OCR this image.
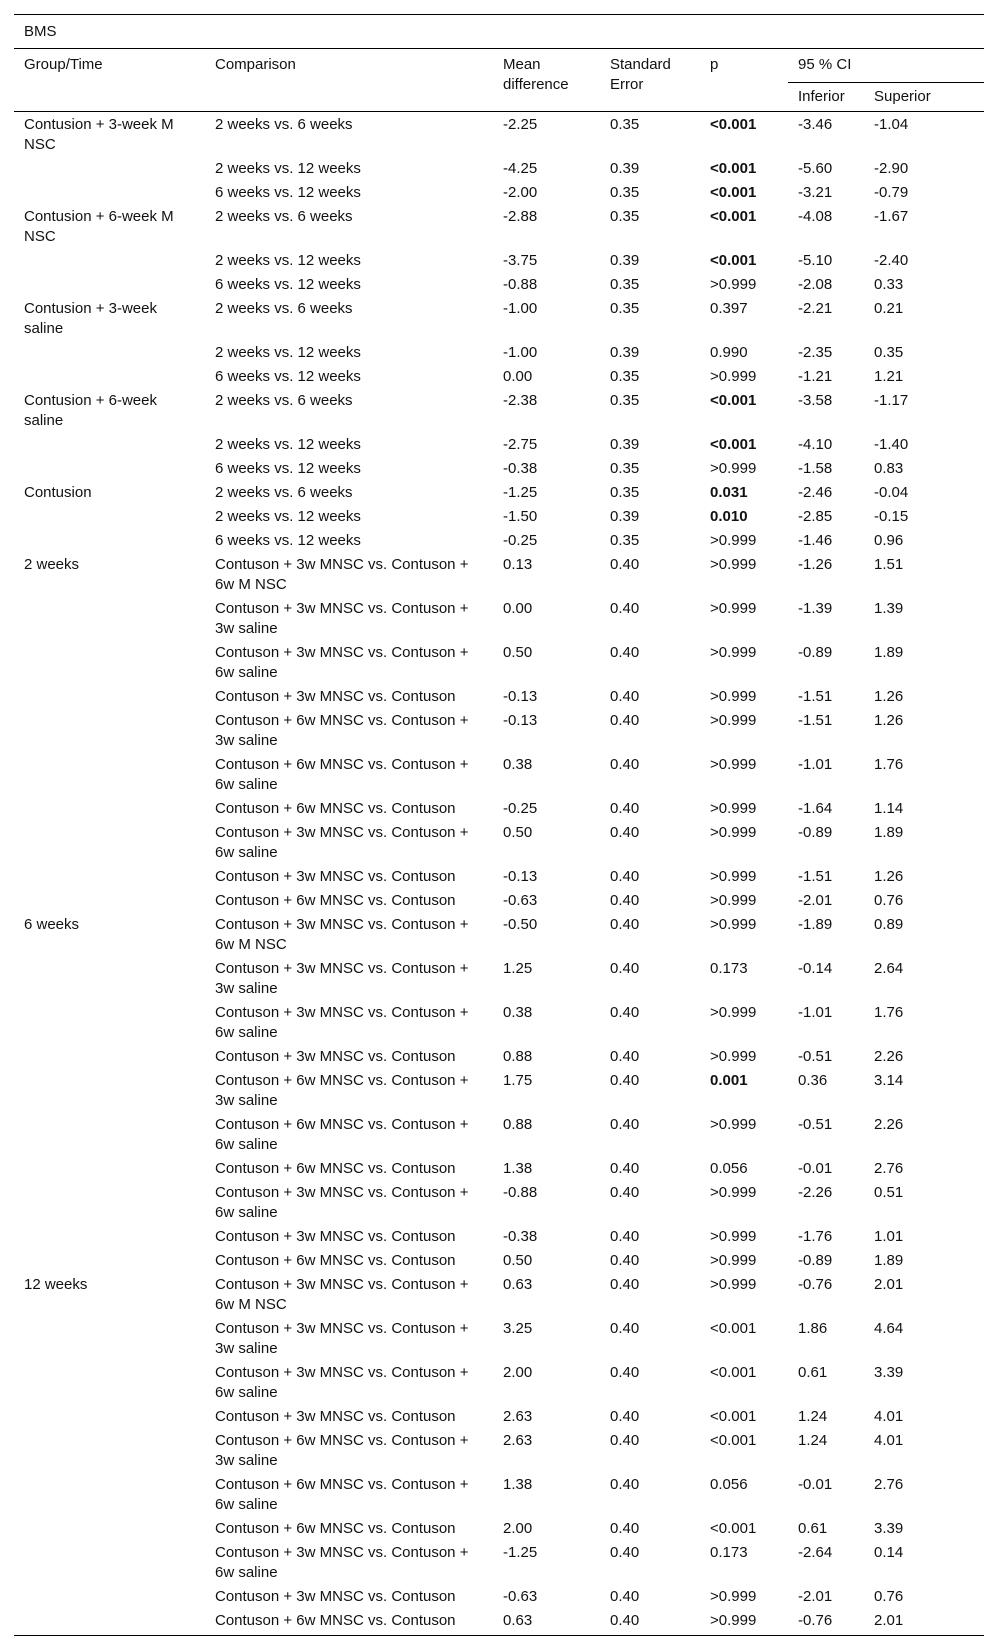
BMS						
Group/Time	Comparison	Mean difference	Standard Error	p	95 % CI	
					Inferior	Superior
Contusion + 3-week M NSC	2 weeks vs. 6 weeks	-2.25	0.35	<0.001	-3.46	-1.04
	2 weeks vs. 12 weeks	-4.25	0.39	<0.001	-5.60	-2.90
	6 weeks vs. 12 weeks	-2.00	0.35	<0.001	-3.21	-0.79
Contusion + 6-week M NSC	2 weeks vs. 6 weeks	-2.88	0.35	<0.001	-4.08	-1.67
	2 weeks vs. 12 weeks	-3.75	0.39	<0.001	-5.10	-2.40
	6 weeks vs. 12 weeks	-0.88	0.35	>0.999	-2.08	0.33
Contusion + 3-week saline	2 weeks vs. 6 weeks	-1.00	0.35	0.397	-2.21	0.21
	2 weeks vs. 12 weeks	-1.00	0.39	0.990	-2.35	0.35
	6 weeks vs. 12 weeks	0.00	0.35	>0.999	-1.21	1.21
Contusion + 6-week saline	2 weeks vs. 6 weeks	-2.38	0.35	<0.001	-3.58	-1.17
	2 weeks vs. 12 weeks	-2.75	0.39	<0.001	-4.10	-1.40
	6 weeks vs. 12 weeks	-0.38	0.35	>0.999	-1.58	0.83
Contusion	2 weeks vs. 6 weeks	-1.25	0.35	0.031	-2.46	-0.04
	2 weeks vs. 12 weeks	-1.50	0.39	0.010	-2.85	-0.15
	6 weeks vs. 12 weeks	-0.25	0.35	>0.999	-1.46	0.96
2 weeks	Contuson + 3w MNSC vs. Contuson + 6w M NSC	0.13	0.40	>0.999	-1.26	1.51
	Contuson + 3w MNSC vs. Contuson + 3w saline	0.00	0.40	>0.999	-1.39	1.39
	Contuson + 3w MNSC vs. Contuson + 6w saline	0.50	0.40	>0.999	-0.89	1.89
	Contuson + 3w MNSC vs. Contuson	-0.13	0.40	>0.999	-1.51	1.26
	Contuson + 6w MNSC vs. Contuson + 3w saline	-0.13	0.40	>0.999	-1.51	1.26
	Contuson + 6w MNSC vs. Contuson + 6w saline	0.38	0.40	>0.999	-1.01	1.76
	Contuson + 6w MNSC vs. Contuson	-0.25	0.40	>0.999	-1.64	1.14
	Contuson + 3w MNSC vs. Contuson + 6w saline	0.50	0.40	>0.999	-0.89	1.89
	Contuson + 3w MNSC vs. Contuson	-0.13	0.40	>0.999	-1.51	1.26
	Contuson + 6w MNSC vs. Contuson	-0.63	0.40	>0.999	-2.01	0.76
6 weeks	Contuson + 3w MNSC vs. Contuson + 6w M NSC	-0.50	0.40	>0.999	-1.89	0.89
	Contuson + 3w MNSC vs. Contuson + 3w saline	1.25	0.40	0.173	-0.14	2.64
	Contuson + 3w MNSC vs. Contuson + 6w saline	0.38	0.40	>0.999	-1.01	1.76
	Contuson + 3w MNSC vs. Contuson	0.88	0.40	>0.999	-0.51	2.26
	Contuson + 6w MNSC vs. Contuson + 3w saline	1.75	0.40	0.001	0.36	3.14
	Contuson + 6w MNSC vs. Contuson + 6w saline	0.88	0.40	>0.999	-0.51	2.26
	Contuson + 6w MNSC vs. Contuson	1.38	0.40	0.056	-0.01	2.76
	Contuson + 3w MNSC vs. Contuson + 6w saline	-0.88	0.40	>0.999	-2.26	0.51
	Contuson + 3w MNSC vs. Contuson	-0.38	0.40	>0.999	-1.76	1.01
	Contuson + 6w MNSC vs. Contuson	0.50	0.40	>0.999	-0.89	1.89
12 weeks	Contuson + 3w MNSC vs. Contuson + 6w M NSC	0.63	0.40	>0.999	-0.76	2.01
	Contuson + 3w MNSC vs. Contuson + 3w saline	3.25	0.40	<0.001	1.86	4.64
	Contuson + 3w MNSC vs. Contuson + 6w saline	2.00	0.40	<0.001	0.61	3.39
	Contuson + 3w MNSC vs. Contuson	2.63	0.40	<0.001	1.24	4.01
	Contuson + 6w MNSC vs. Contuson + 3w saline	2.63	0.40	<0.001	1.24	4.01
	Contuson + 6w MNSC vs. Contuson + 6w saline	1.38	0.40	0.056	-0.01	2.76
	Contuson + 6w MNSC vs. Contuson	2.00	0.40	<0.001	0.61	3.39
	Contuson + 3w MNSC vs. Contuson + 6w saline	-1.25	0.40	0.173	-2.64	0.14
	Contuson + 3w MNSC vs. Contuson	-0.63	0.40	>0.999	-2.01	0.76
	Contuson + 6w MNSC vs. Contuson	0.63	0.40	>0.999	-0.76	2.01
